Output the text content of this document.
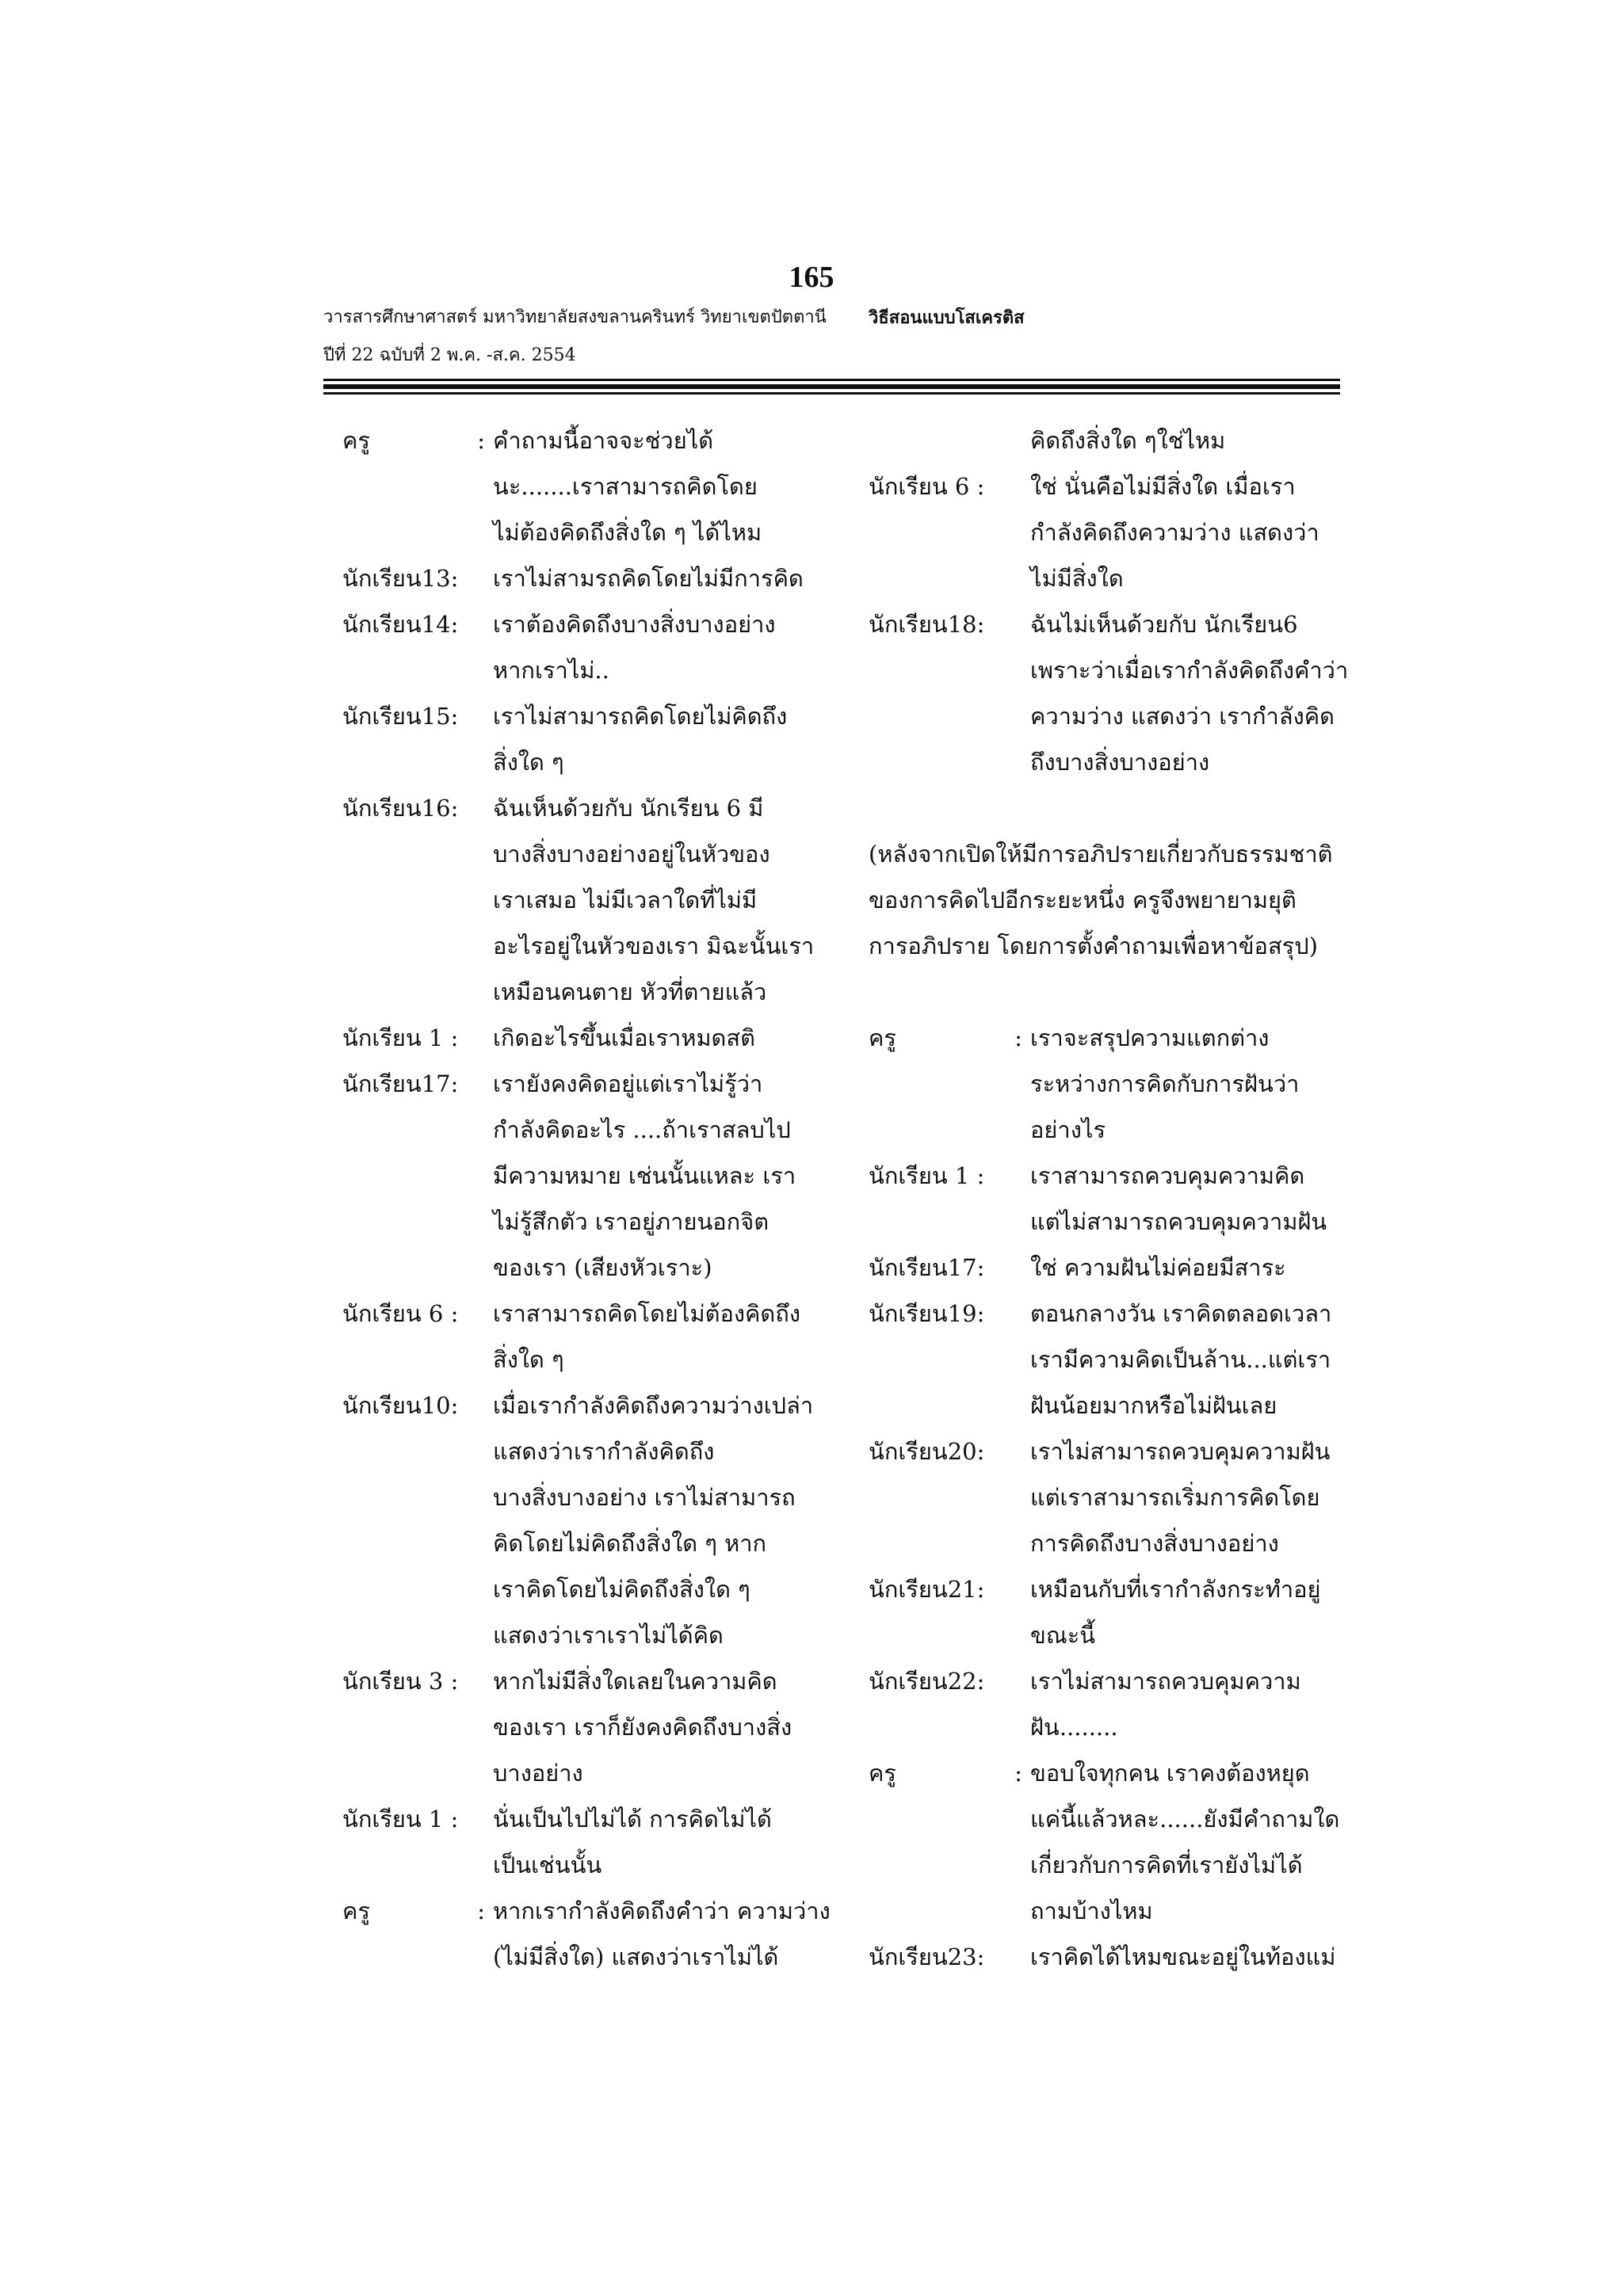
165
วารสารศึกษาศาสตร์ มหาวิทยาลัยสงขลานครินทร์ วิทยาเขตปัตตานี
ปีที่ 22 ฉบับที่ 2 พ.ค. -ส.ค. 2554
วิธีสอนแบบโสเครติส
ครู	: คำถามนี้อาจจะช่วยได้
นะ.......เราสามารถคิดโดย
ไม่ต้องคิดถึงสิ่งใด ๆ ได้ไหม
นักเรียน13: เราไม่สามรถคิดโดยไม่มีการคิด
นักเรียน14: เราต้องคิดถึงบางสิ่งบางอย่าง
หากเราไม่..
นักเรียน15: เราไม่สามารถคิดโดยไม่คิดถึง
สิ่งใด ๆ
นักเรียน16: ฉันเห็นด้วยกับ นักเรียน 6 มี
บางสิ่งบางอย่างอยู่ในหัวของ
เราเสมอ ไม่มีเวลาใดที่ไม่มี
อะไรอยู่ในหัวของเรา มิฉะนั้นเรา
เหมือนคนตาย หัวที่ตายแล้ว
นักเรียน 1 : เกิดอะไรขึ้นเมื่อเราหมดสติ
นักเรียน17: เรายังคงคิดอยู่แต่เราไม่รู้ว่า
กำลังคิดอะไร ....ถ้าเราสลบไป
มีความหมาย เช่นนั้นแหละ เรา
ไม่รู้สึกตัว เราอยู่ภายนอกจิต
ของเรา (เสียงหัวเราะ)
นักเรียน 6 : เราสามารถคิดโดยไม่ต้องคิดถึง
สิ่งใด ๆ
นักเรียน10: เมื่อเรากำลังคิดถึงความว่างเปล่า
แสดงว่าเรากำลังคิดถึง
บางสิ่งบางอย่าง เราไม่สามารถ
คิดโดยไม่คิดถึงสิ่งใด ๆ หาก
เราคิดโดยไม่คิดถึงสิ่งใด ๆ
แสดงว่าเราเราไม่ได้คิด
นักเรียน 3 : หากไม่มีสิ่งใดเลยในความคิด
ของเรา เราก็ยังคงคิดถึงบางสิ่ง
บางอย่าง
นักเรียน 1 : นั่นเป็นไปไม่ได้ การคิดไม่ได้
เป็นเช่นนั้น
ครู	: หากเรากำลังคิดถึงคำว่า ความว่าง
(ไม่มีสิ่งใด) แสดงว่าเราไม่ได้
คิดถึงสิ่งใด ๆใช่ไหม
นักเรียน 6 : ใช่ นั่นคือไม่มีสิ่งใด เมื่อเรา
กำลังคิดถึงความว่าง แสดงว่า
ไม่มีสิ่งใด
นักเรียน18: ฉันไม่เห็นด้วยกับ นักเรียน6
เพราะว่าเมื่อเรากำลังคิดถึงคำว่า
ความว่าง แสดงว่า เรากำลังคิด
ถึงบางสิ่งบางอย่าง
(หลังจากเปิดให้มีการอภิปรายเกี่ยวกับธรรมชาติ
ของการคิดไปอีกระยะหนึ่ง ครูจึงพยายามยุติ
การอภิปราย โดยการตั้งคำถามเพื่อหาข้อสรุป)
ครู	: เราจะสรุปความแตกต่าง
ระหว่างการคิดกับการฝันว่า
อย่างไร
นักเรียน 1 : เราสามารถควบคุมความคิด
แต่ไม่สามารถควบคุมความฝัน
นักเรียน17: ใช่ ความฝันไม่ค่อยมีสาระ
นักเรียน19: ตอนกลางวัน เราคิดตลอดเวลา
เรามีความคิดเป็นล้าน...แต่เรา
ฝันน้อยมากหรือไม่ฝันเลย
นักเรียน20: เราไม่สามารถควบคุมความฝัน
แต่เราสามารถเริ่มการคิดโดย
การคิดถึงบางสิ่งบางอย่าง
นักเรียน21: เหมือนกับที่เรากำลังกระทำอยู่
ขณะนี้
นักเรียน22: เราไม่สามารถควบคุมความ
ฝัน........
ครู	: ขอบใจทุกคน เราคงต้องหยุด
แค่นี้แล้วหละ......ยังมีคำถามใด
เกี่ยวกับการคิดที่เรายังไม่ได้
ถามบ้างไหม
นักเรียน23: เราคิดได้ไหมขณะอยู่ในท้องแม่
